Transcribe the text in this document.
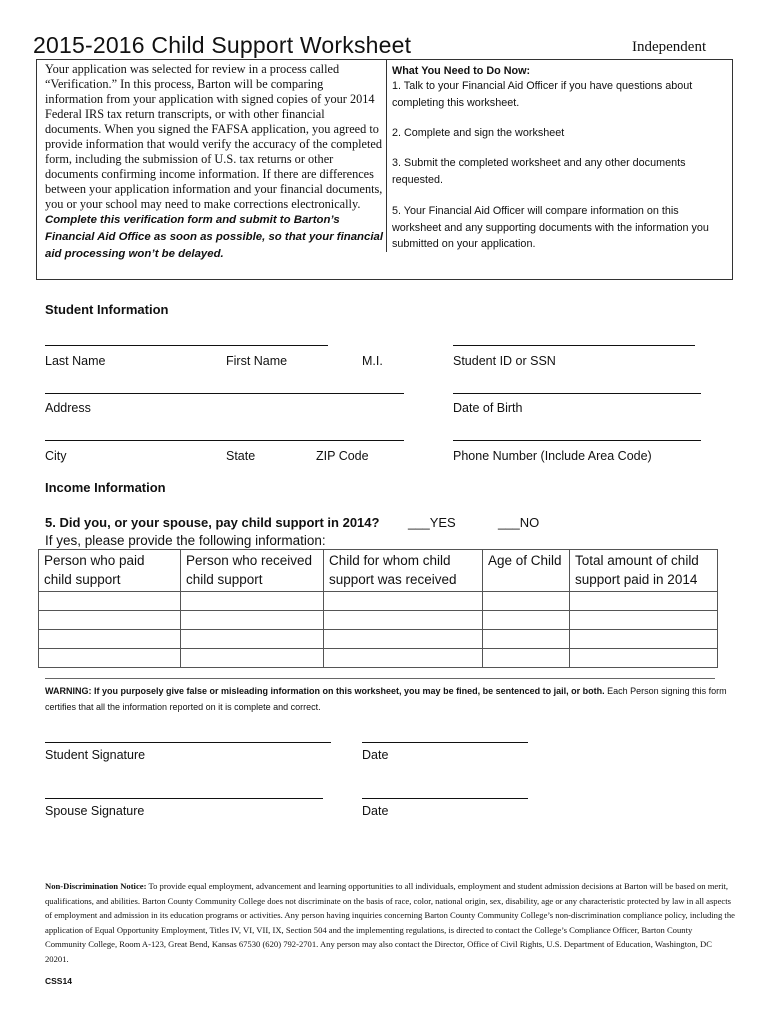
2015-2016 Child Support Worksheet	Independent
Your application was selected for review in a process called “Verification.” In this process, Barton will be comparing information from your application with signed copies of your 2014 Federal IRS tax return transcripts, or with other financial documents. When you signed the FAFSA application, you agreed to provide information that would verify the accuracy of the completed form, including the submission of U.S. tax returns or other documents confirming income information. If there are differences between your application information and your financial documents, you or your school may need to make corrections electronically.
Complete this verification form and submit to Barton’s Financial Aid Office as soon as possible, so that your financial aid processing won’t be delayed.
What You Need to Do Now:
1. Talk to your Financial Aid Officer if you have questions about completing this worksheet.
2. Complete and sign the worksheet
3. Submit the completed worksheet and any other documents requested.
5. Your Financial Aid Officer will compare information on this worksheet and any supporting documents with the information you submitted on your application.
Student Information
Last Name	First Name	M.I.	Student ID or SSN
Address	Date of Birth
City	State	ZIP Code	Phone Number (Include Area Code)
Income Information
5. Did you, or your spouse, pay child support in 2014? ___YES	___NO
If yes, please provide the following information:
Person who paid child support	Person who received child support	Child for whom child support was received	Age of Child	Total amount of child support paid in 2014

WARNING: If you purposely give false or misleading information on this worksheet, you may be fined, be sentenced to jail, or both. Each Person signing this form certifies that all the information reported on it is complete and correct.
Student Signature	Date
Spouse Signature	Date
Non-Discrimination Notice: To provide equal employment, advancement and learning opportunities to all individuals, employment and student admission decisions at Barton will be based on merit, qualifications, and abilities. Barton County Community College does not discriminate on the basis of race, color, national origin, sex, disability, age or any characteristic protected by law in all aspects of employment and admission in its education programs or activities. Any person having inquiries concerning Barton County Community College’s non-discrimination compliance policy, including the application of Equal Opportunity Employment, Titles IV, VI, VII, IX, Section 504 and the implementing regulations, is directed to contact the College’s Compliance Officer, Barton County Community College, Room A-123, Great Bend, Kansas 67530 (620) 792-2701. Any person may also contact the Director, Office of Civil Rights, U.S. Department of Education, Washington, DC 20201.
CSS14
